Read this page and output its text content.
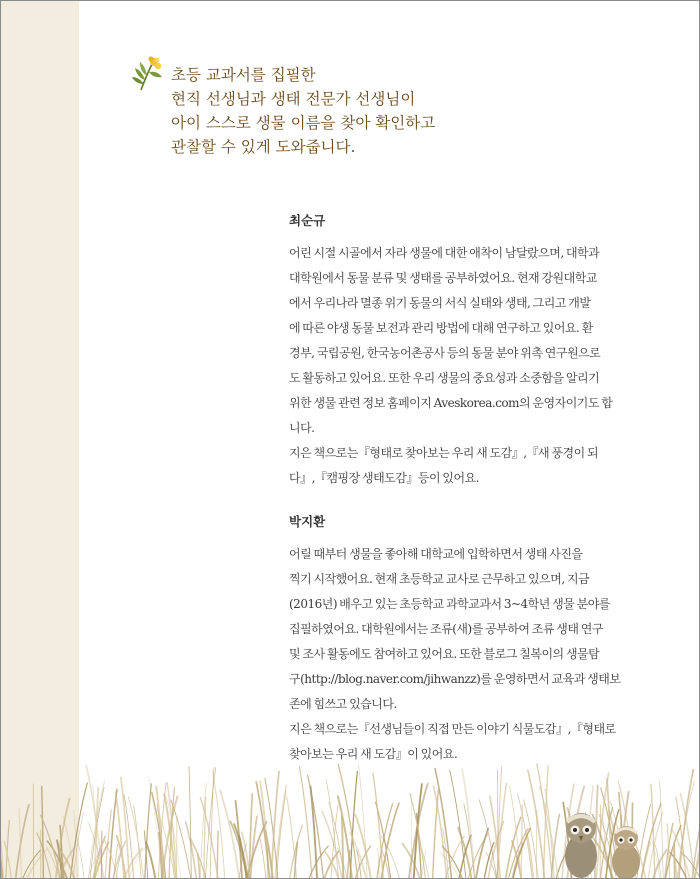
초등 교과서를 집필한
현직 선생님과 생태 전문가 선생님이
아이 스스로 생물 이름을 찾아 확인하고
관찰할 수 있게 도와줍니다.

최순규

어린 시절 시골에서 자라 생물에 대한 애착이 남달랐으며, 대학과
대학원에서 동물 분류 및 생태를 공부하였어요. 현재 강원대학교
에서 우리나라 멸종 위기 동물의 서식 실태와 생태, 그리고 개발
에 따른 야생 동물 보전과 관리 방법에 대해 연구하고 있어요. 환
경부, 국립공원, 한국농어촌공사 등의 동물 분야 위촉 연구원으로
도 활동하고 있어요. 또한 우리 생물의 중요성과 소중함을 알리기
위한 생물 관련 정보 홈페이지 Aveskorea.com의 운영자이기도 합
니다.
지은 책으로는『형태로 찾아보는 우리 새 도감』,『새 풍경이 되
다』,『캠핑장 생태도감』등이 있어요.

박지환

어릴 때부터 생물을 좋아해 대학교에 입학하면서 생태 사진을
찍기 시작했어요. 현재 초등학교 교사로 근무하고 있으며, 지금
(2016년) 배우고 있는 초등학교 과학교과서 3~4학년 생물 분야를
집필하였어요. 대학원에서는 조류(새)를 공부하여 조류 생태 연구
및 조사 활동에도 참여하고 있어요. 또한 블로그 칠복이의 생물탐
구(http://blog.naver.com/jihwanzz)를 운영하면서 교육과 생태보
존에 힘쓰고 있습니다.
지은 책으로는『선생님들이 직접 만든 이야기 식물도감』,『형태로
찾아보는 우리 새 도감』이 있어요.
